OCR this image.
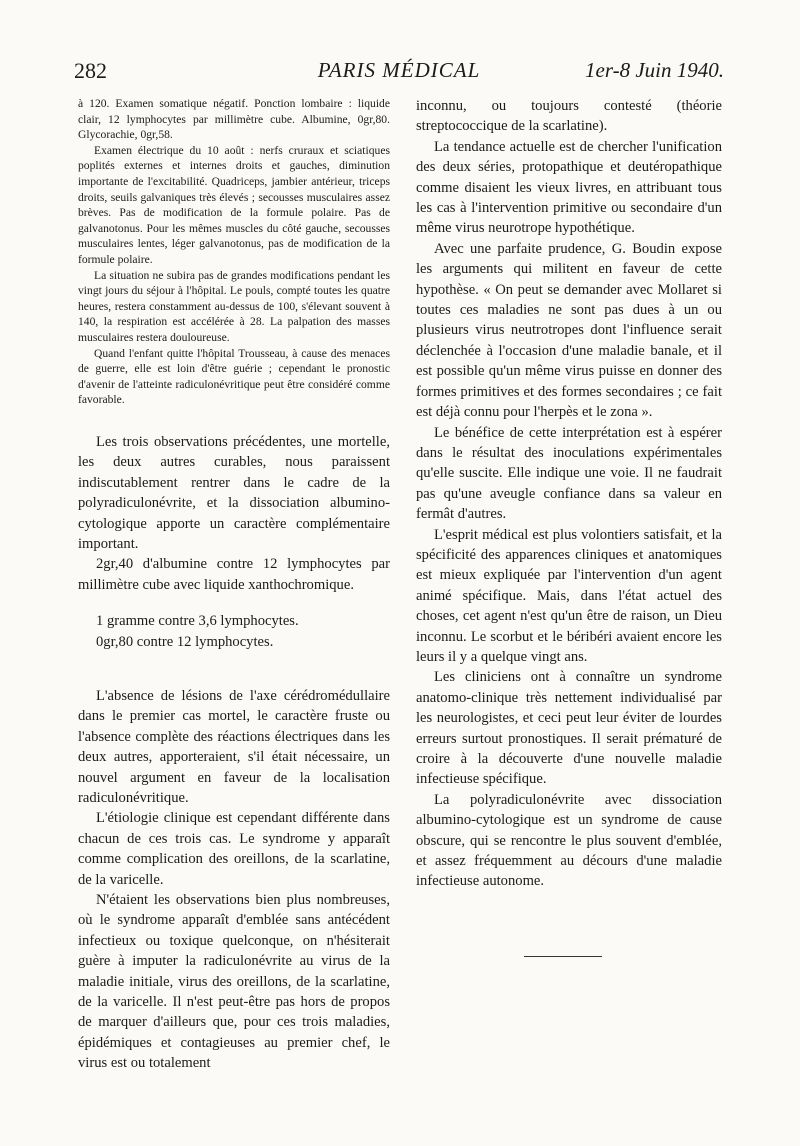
282	PARIS MÉDICAL	1er-8 Juin 1940.

à 120. Examen somatique négatif. Ponction lombaire : liquide clair, 12 lymphocytes par millimètre cube. Albumine, 0gr,80. Glycorachie, 0gr,58.

Examen électrique du 10 août : nerfs cruraux et sciatiques poplités externes et internes droits et gauches, diminution importante de l'excitabilité. Quadriceps, jambier antérieur, triceps droits, seuils galvaniques très élevés ; secousses musculaires assez brèves. Pas de modification de la formule polaire. Pas de galvanotonus. Pour les mêmes muscles du côté gauche, secousses musculaires lentes, léger galvanotonus, pas de modification de la formule polaire.

La situation ne subira pas de grandes modifications pendant les vingt jours du séjour à l'hôpital. Le pouls, compté toutes les quatre heures, restera constamment au-dessus de 100, s'élevant souvent à 140, la respiration est accélérée à 28. La palpation des masses musculaires restera douloureuse.

Quand l'enfant quitte l'hôpital Trousseau, à cause des menaces de guerre, elle est loin d'être guérie ; cependant le pronostic d'avenir de l'atteinte radiculonévritique peut être considéré comme favorable.

Les trois observations précédentes, une mortelle, les deux autres curables, nous paraissent indiscutablement rentrer dans le cadre de la polyradiculonévrite, et la dissociation albumino-cytologique apporte un caractère complémentaire important.

2gr,40 d'albumine contre 12 lymphocytes par millimètre cube avec liquide xanthochromique.

1 gramme contre 3,6 lymphocytes.

0gr,80 contre 12 lymphocytes.

L'absence de lésions de l'axe cérédromédullaire dans le premier cas mortel, le caractère fruste ou l'absence complète des réactions électriques dans les deux autres, apporteraient, s'il était nécessaire, un nouvel argument en faveur de la localisation radiculonévritique.

L'étiologie clinique est cependant différente dans chacun de ces trois cas. Le syndrome y apparaît comme complication des oreillons, de la scarlatine, de la varicelle.

N'étaient les observations bien plus nombreuses, où le syndrome apparaît d'emblée sans antécédent infectieux ou toxique quelconque, on n'hésiterait guère à imputer la radiculonévrite au virus de la maladie initiale, virus des oreillons, de la scarlatine, de la varicelle. Il n'est peut-être pas hors de propos de marquer d'ailleurs que, pour ces trois maladies, épidémiques et contagieuses au premier chef, le virus est ou totalement

inconnu, ou toujours contesté (théorie streptococcique de la scarlatine).

La tendance actuelle est de chercher l'unification des deux séries, protopathique et deutéropathique comme disaient les vieux livres, en attribuant tous les cas à l'intervention primitive ou secondaire d'un même virus neurotrope hypothétique.

Avec une parfaite prudence, G. Boudin expose les arguments qui militent en faveur de cette hypothèse. « On peut se demander avec Mollaret si toutes ces maladies ne sont pas dues à un ou plusieurs virus neutrotropes dont l'influence serait déclenchée à l'occasion d'une maladie banale, et il est possible qu'un même virus puisse en donner des formes primitives et des formes secondaires ; ce fait est déjà connu pour l'herpès et le zona ».

Le bénéfice de cette interprétation est à espérer dans le résultat des inoculations expérimentales qu'elle suscite. Elle indique une voie. Il ne faudrait pas qu'une aveugle confiance dans sa valeur en fermât d'autres.

L'esprit médical est plus volontiers satisfait, et la spécificité des apparences cliniques et anatomiques est mieux expliquée par l'intervention d'un agent animé spécifique. Mais, dans l'état actuel des choses, cet agent n'est qu'un être de raison, un Dieu inconnu. Le scorbut et le béribéri avaient encore les leurs il y a quelque vingt ans.

Les cliniciens ont à connaître un syndrome anatomo-clinique très nettement individualisé par les neurologistes, et ceci peut leur éviter de lourdes erreurs surtout pronostiques. Il serait prématuré de croire à la découverte d'une nouvelle maladie infectieuse spécifique.

La polyradiculonévrite avec dissociation albumino-cytologique est un syndrome de cause obscure, qui se rencontre le plus souvent d'emblée, et assez fréquemment au décours d'une maladie infectieuse autonome.
